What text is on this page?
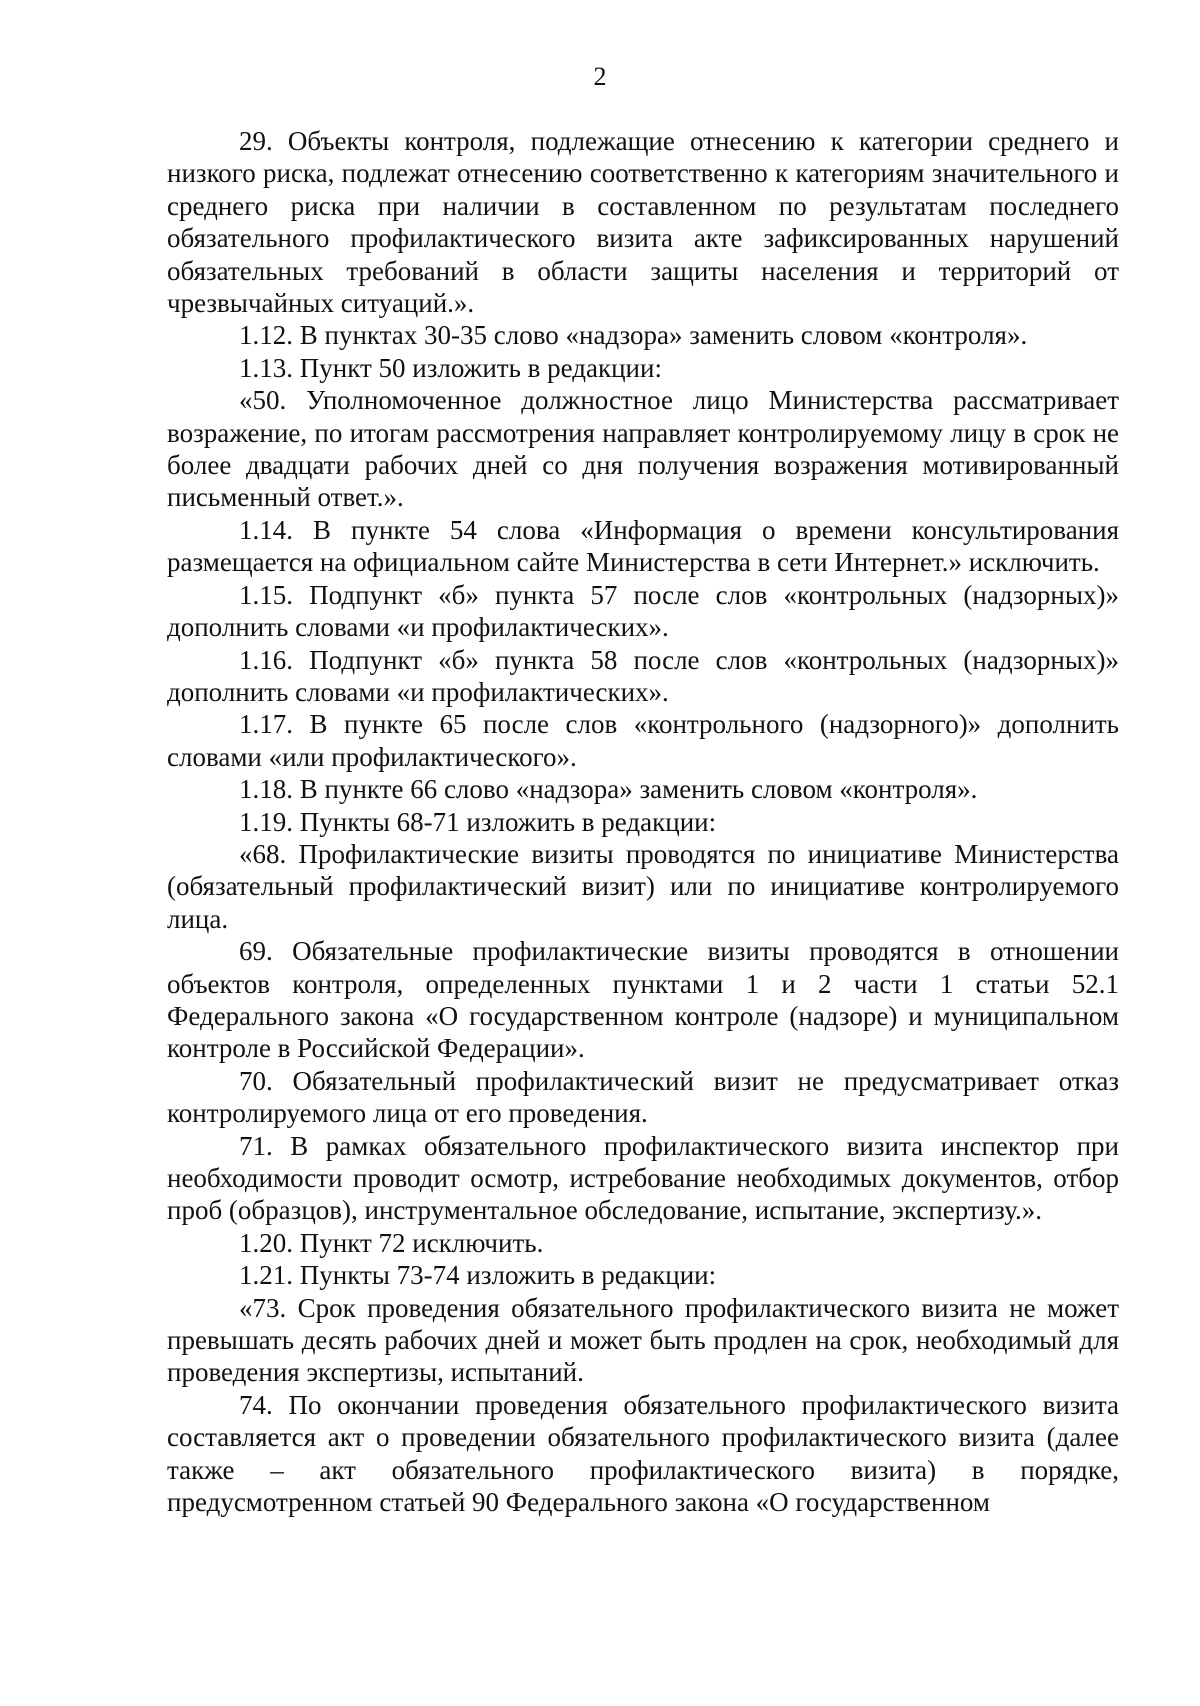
2

29. Объекты контроля, подлежащие отнесению к категории среднего и низкого риска, подлежат отнесению соответственно к категориям значительного и среднего риска при наличии в составленном по результатам последнего обязательного профилактического визита акте зафиксированных нарушений обязательных требований в области защиты населения и территорий от чрезвычайных ситуаций.».

1.12. В пунктах 30-35 слово «надзора» заменить словом «контроля».

1.13. Пункт 50 изложить в редакции:

«50. Уполномоченное должностное лицо Министерства рассматривает возражение, по итогам рассмотрения направляет контролируемому лицу в срок не более двадцати рабочих дней со дня получения возражения мотивированный письменный ответ.».

1.14. В пункте 54 слова «Информация о времени консультирования размещается на официальном сайте Министерства в сети Интернет.» исключить.

1.15. Подпункт «б» пункта 57 после слов «контрольных (надзорных)» дополнить словами «и профилактических».

1.16. Подпункт «б» пункта 58 после слов «контрольных (надзорных)» дополнить словами «и профилактических».

1.17. В пункте 65 после слов «контрольного (надзорного)» дополнить словами «или профилактического».

1.18. В пункте 66 слово «надзора» заменить словом «контроля».

1.19. Пункты 68-71 изложить в редакции:

«68. Профилактические визиты проводятся по инициативе Министерства (обязательный профилактический визит) или по инициативе контролируемого лица.

69. Обязательные профилактические визиты проводятся в отношении объектов контроля, определенных пунктами 1 и 2 части 1 статьи 52.1 Федерального закона «О государственном контроле (надзоре) и муниципальном контроле в Российской Федерации».

70. Обязательный профилактический визит не предусматривает отказ контролируемого лица от его проведения.

71. В рамках обязательного профилактического визита инспектор при необходимости проводит осмотр, истребование необходимых документов, отбор проб (образцов), инструментальное обследование, испытание, экспертизу.».

1.20. Пункт 72 исключить.

1.21. Пункты 73-74 изложить в редакции:

«73. Срок проведения обязательного профилактического визита не может превышать десять рабочих дней и может быть продлен на срок, необходимый для проведения экспертизы, испытаний.

74. По окончании проведения обязательного профилактического визита составляется акт о проведении обязательного профилактического визита (далее также – акт обязательного профилактического визита) в порядке, предусмотренном статьей 90 Федерального закона «О государственном
